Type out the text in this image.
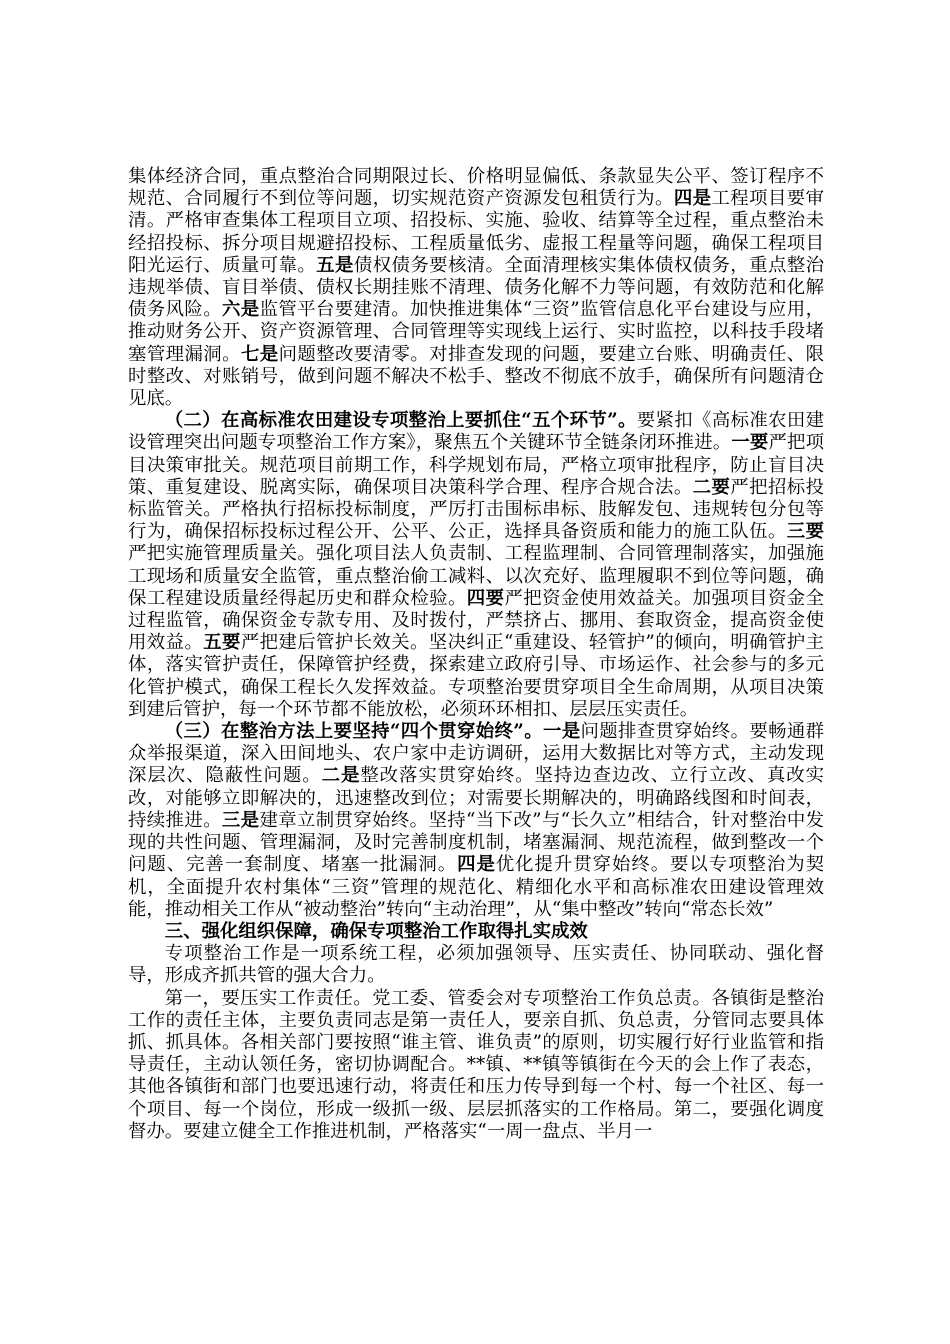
集体经济合同，重点整治合同期限过长、价格明显偏低、条款显失公平、签订程序不规范、合同履行不到位等问题，切实规范资产资源发包租赁行为。四是工程项目要审清。严格审查集体工程项目立项、招投标、实施、验收、结算等全过程，重点整治未经招投标、拆分项目规避招投标、工程质量低劣、虚报工程量等问题，确保工程项目阳光运行、质量可靠。五是债权债务要核清。全面清理核实集体债权债务，重点整治违规举债、盲目举债、债权长期挂账不清理、债务化解不力等问题，有效防范和化解债务风险。六是监管平台要建清。加快推进集体“三资”监管信息化平台建设与应用，推动财务公开、资产资源管理、合同管理等实现线上运行、实时监控，以科技手段堵塞管理漏洞。七是问题整改要清零。对排查发现的问题，要建立台账、明确责任、限时整改、对账销号，做到问题不解决不松手、整改不彻底不放手，确保所有问题清仓见底。

（二）在高标准农田建设专项整治上要抓住“五个环节”。要紧扣《高标准农田建设管理突出问题专项整治工作方案》，聚焦五个关键环节全链条闭环推进。一要严把项目决策审批关。规范项目前期工作，科学规划布局，严格立项审批程序，防止盲目决策、重复建设、脱离实际，确保项目决策科学合理、程序合规合法。二要严把招标投标监管关。严格执行招标投标制度，严厉打击围标串标、肢解发包、违规转包分包等行为，确保招标投标过程公开、公平、公正，选择具备资质和能力的施工队伍。三要严把实施管理质量关。强化项目法人负责制、工程监理制、合同管理制落实，加强施工现场和质量安全监管，重点整治偷工减料、以次充好、监理履职不到位等问题，确保工程建设质量经得起历史和群众检验。四要严把资金使用效益关。加强项目资金全过程监管，确保资金专款专用、及时拨付，严禁挤占、挪用、套取资金，提高资金使用效益。五要严把建后管护长效关。坚决纠正“重建设、轻管护”的倾向，明确管护主体，落实管护责任，保障管护经费，探索建立政府引导、市场运作、社会参与的多元化管护模式，确保工程长久发挥效益。专项整治要贯穿项目全生命周期，从项目决策到建后管护，每一个环节都不能放松，必须环环相扣、层层压实责任。

（三）在整治方法上要坚持“四个贯穿始终”。一是问题排查贯穿始终。要畅通群众举报渠道，深入田间地头、农户家中走访调研，运用大数据比对等方式，主动发现深层次、隐蔽性问题。二是整改落实贯穿始终。坚持边查边改、立行立改、真改实改，对能够立即解决的，迅速整改到位；对需要长期解决的，明确路线图和时间表，持续推进。三是建章立制贯穿始终。坚持“当下改”与“长久立”相结合，针对整治中发现的共性问题、管理漏洞，及时完善制度机制，堵塞漏洞、规范流程，做到整改一个问题、完善一套制度、堵塞一批漏洞。四是优化提升贯穿始终。要以专项整治为契机，全面提升农村集体“三资”管理的规范化、精细化水平和高标准农田建设管理效能，推动相关工作从“被动整治”转向“主动治理”，从“集中整改”转向“常态长效”

三、强化组织保障，确保专项整治工作取得扎实成效

专项整治工作是一项系统工程，必须加强领导、压实责任、协同联动、强化督导，形成齐抓共管的强大合力。

第一，要压实工作责任。党工委、管委会对专项整治工作负总责。各镇街是整治工作的责任主体，主要负责同志是第一责任人，要亲自抓、负总责，分管同志要具体抓、抓具体。各相关部门要按照“谁主管、谁负责”的原则，切实履行好行业监管和指导责任，主动认领任务，密切协调配合。**镇、**镇等镇街在今天的会上作了表态，其他各镇街和部门也要迅速行动，将责任和压力传导到每一个村、每一个社区、每一个项目、每一个岗位，形成一级抓一级、层层抓落实的工作格局。第二，要强化调度督办。要建立健全工作推进机制，严格落实“一周一盘点、半月一
